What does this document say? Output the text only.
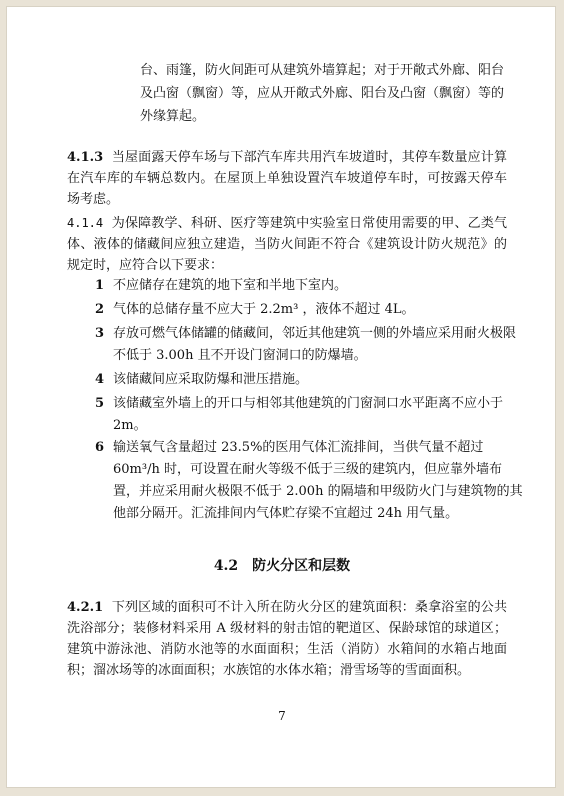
台、雨篷，防火间距可从建筑外墙算起；对于开敞式外廊、阳台及凸窗（飘窗）等，应从开敞式外廊、阳台及凸窗（飘窗）等的外缘算起。

4.1.3 当屋面露天停车场与下部汽车库共用汽车坡道时，其停车数量应计算在汽车库的车辆总数内。在屋顶上单独设置汽车坡道停车时，可按露天停车场考虑。

4.1.4 为保障教学、科研、医疗等建筑中实验室日常使用需要的甲、乙类气体、液体的储藏间应独立建造，当防火间距不符合《建筑设计防火规范》的规定时，应符合以下要求：

1 不应储存在建筑的地下室和半地下室内。

2 气体的总储存量不应大于 2.2m³ ，液体不超过 4L。

3 存放可燃气体储罐的储藏间，邻近其他建筑一侧的外墙应采用耐火极限不低于 3.00h 且不开设门窗洞口的防爆墙。

4 该储藏间应采取防爆和泄压措施。

5 该储藏室外墙上的开口与相邻其他建筑的门窗洞口水平距离不应小于 2m。

6 输送氧气含量超过 23.5%的医用气体汇流排间，当供气量不超过 60m³/h 时，可设置在耐火等级不低于三级的建筑内，但应靠外墙布置，并应采用耐火极限不低于 2.00h 的隔墙和甲级防火门与建筑物的其他部分隔开。汇流排间内气体贮存梁不宜超过 24h 用气量。

4.2 防火分区和层数

4.2.1 下列区域的面积可不计入所在防火分区的建筑面积：桑拿浴室的公共洗浴部分；装修材料采用 A 级材料的射击馆的靶道区、保龄球馆的球道区；建筑中游泳池、消防水池等的水面面积；生活（消防）水箱间的水箱占地面积；溜冰场等的冰面面积；水族馆的水体水箱；滑雪场等的雪面面积。

7
